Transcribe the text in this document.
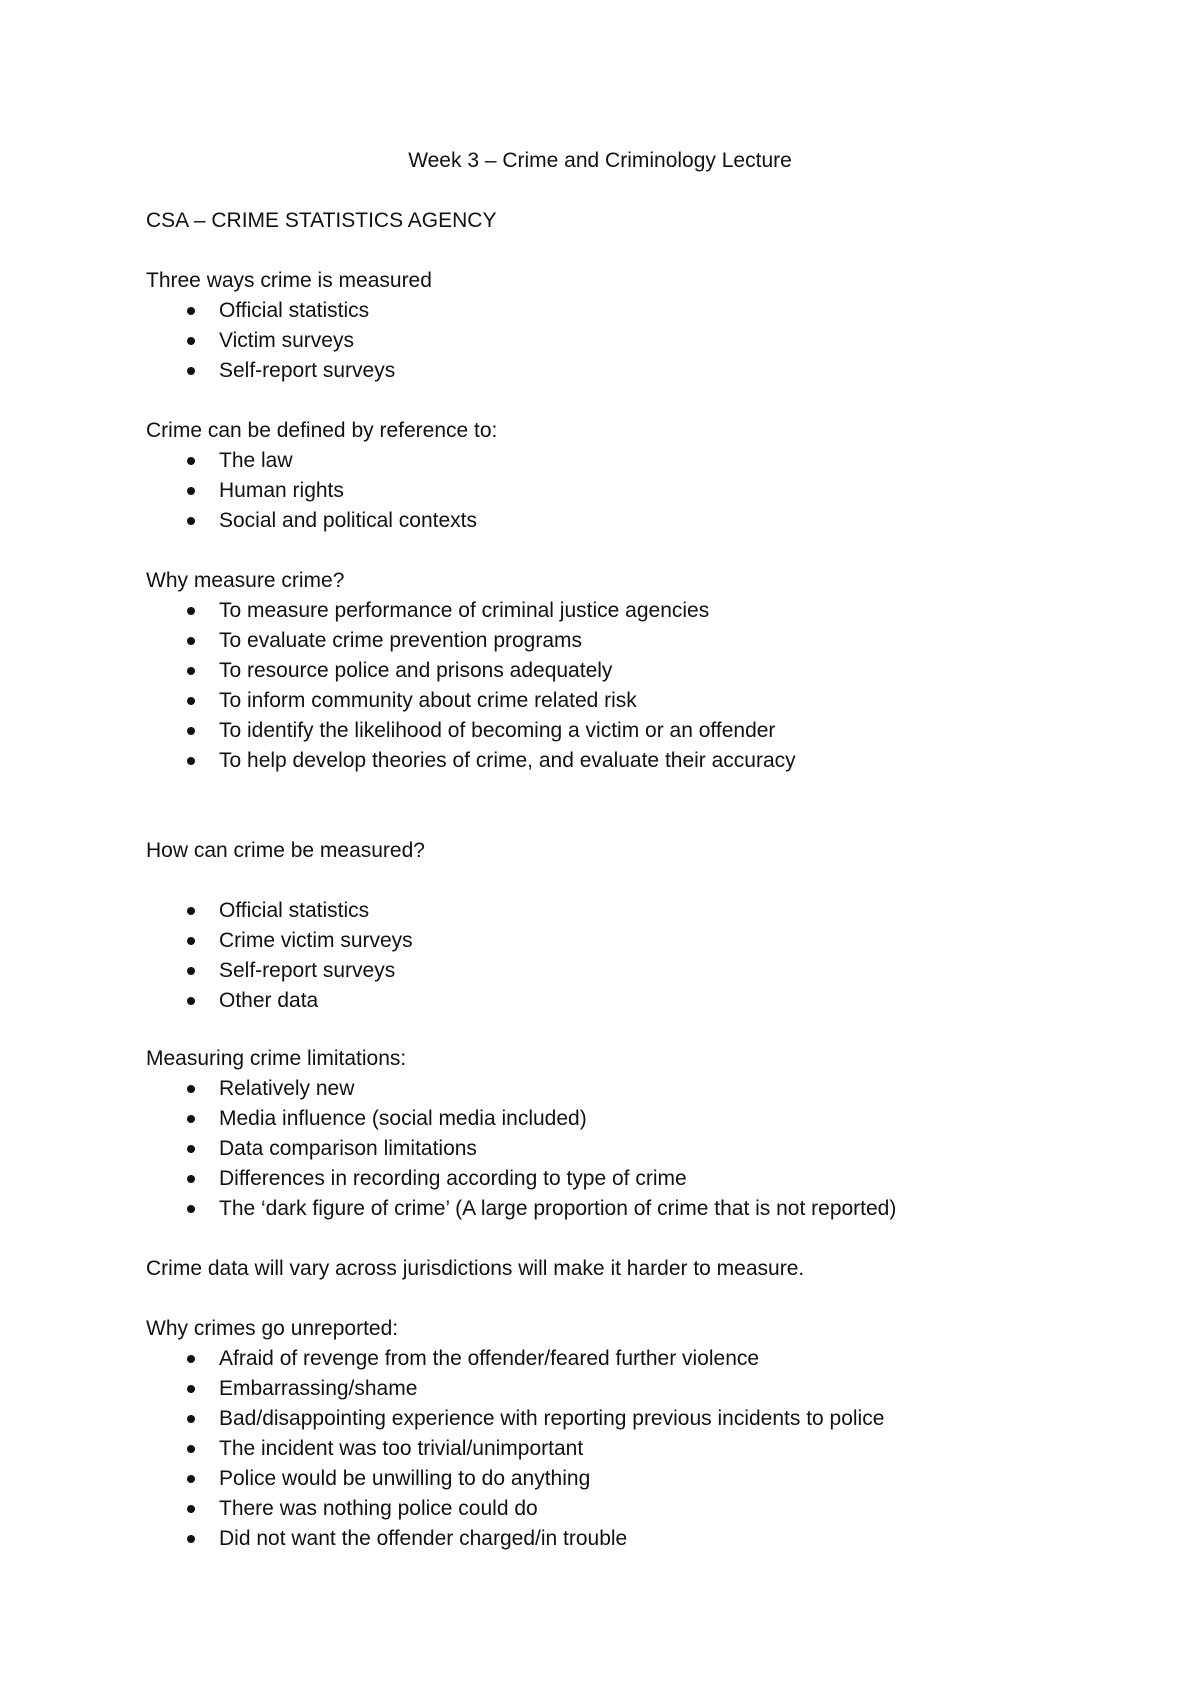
Week 3 – Crime and Criminology Lecture

CSA – CRIME STATISTICS AGENCY

Three ways crime is measured

Official statistics
Victim surveys
Self-report surveys

Crime can be defined by reference to:

The law
Human rights
Social and political contexts

Why measure crime?

To measure performance of criminal justice agencies
To evaluate crime prevention programs
To resource police and prisons adequately
To inform community about crime related risk
To identify the likelihood of becoming a victim or an offender
To help develop theories of crime, and evaluate their accuracy

How can crime be measured?

Official statistics
Crime victim surveys
Self-report surveys
Other data

Measuring crime limitations:

Relatively new
Media influence (social media included)
Data comparison limitations
Differences in recording according to type of crime
The ‘dark figure of crime’ (A large proportion of crime that is not reported)

Crime data will vary across jurisdictions will make it harder to measure.

Why crimes go unreported:

Afraid of revenge from the offender/feared further violence
Embarrassing/shame
Bad/disappointing experience with reporting previous incidents to police
The incident was too trivial/unimportant
Police would be unwilling to do anything
There was nothing police could do
Did not want the offender charged/in trouble
